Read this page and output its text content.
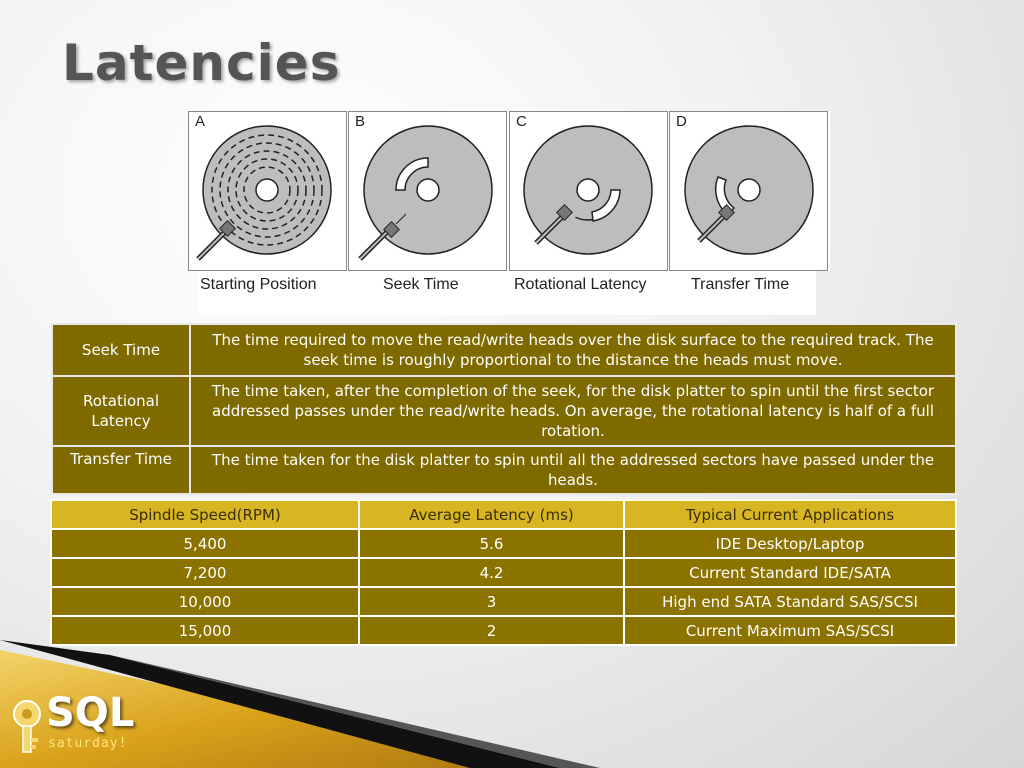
Latencies
A	B	C	D
Starting Position	Seek Time	Rotational Latency	Transfer Time
Seek Time	The time required to move the read/write heads over the disk surface to the required track. The seek time is roughly proportional to the distance the heads must move.
Rotational Latency	The time taken, after the completion of the seek, for the disk platter to spin until the first sector addressed passes under the read/write heads. On average, the rotational latency is half of a full rotation.
Transfer Time	The time taken for the disk platter to spin until all the addressed sectors have passed under the heads.
Spindle Speed(RPM)	Average Latency (ms)	Typical Current Applications
5,400	5.6	IDE Desktop/Laptop
7,200	4.2	Current Standard IDE/SATA
10,000	3	High end SATA Standard SAS/SCSI
15,000	2	Current Maximum SAS/SCSI
SQL
saturday!
